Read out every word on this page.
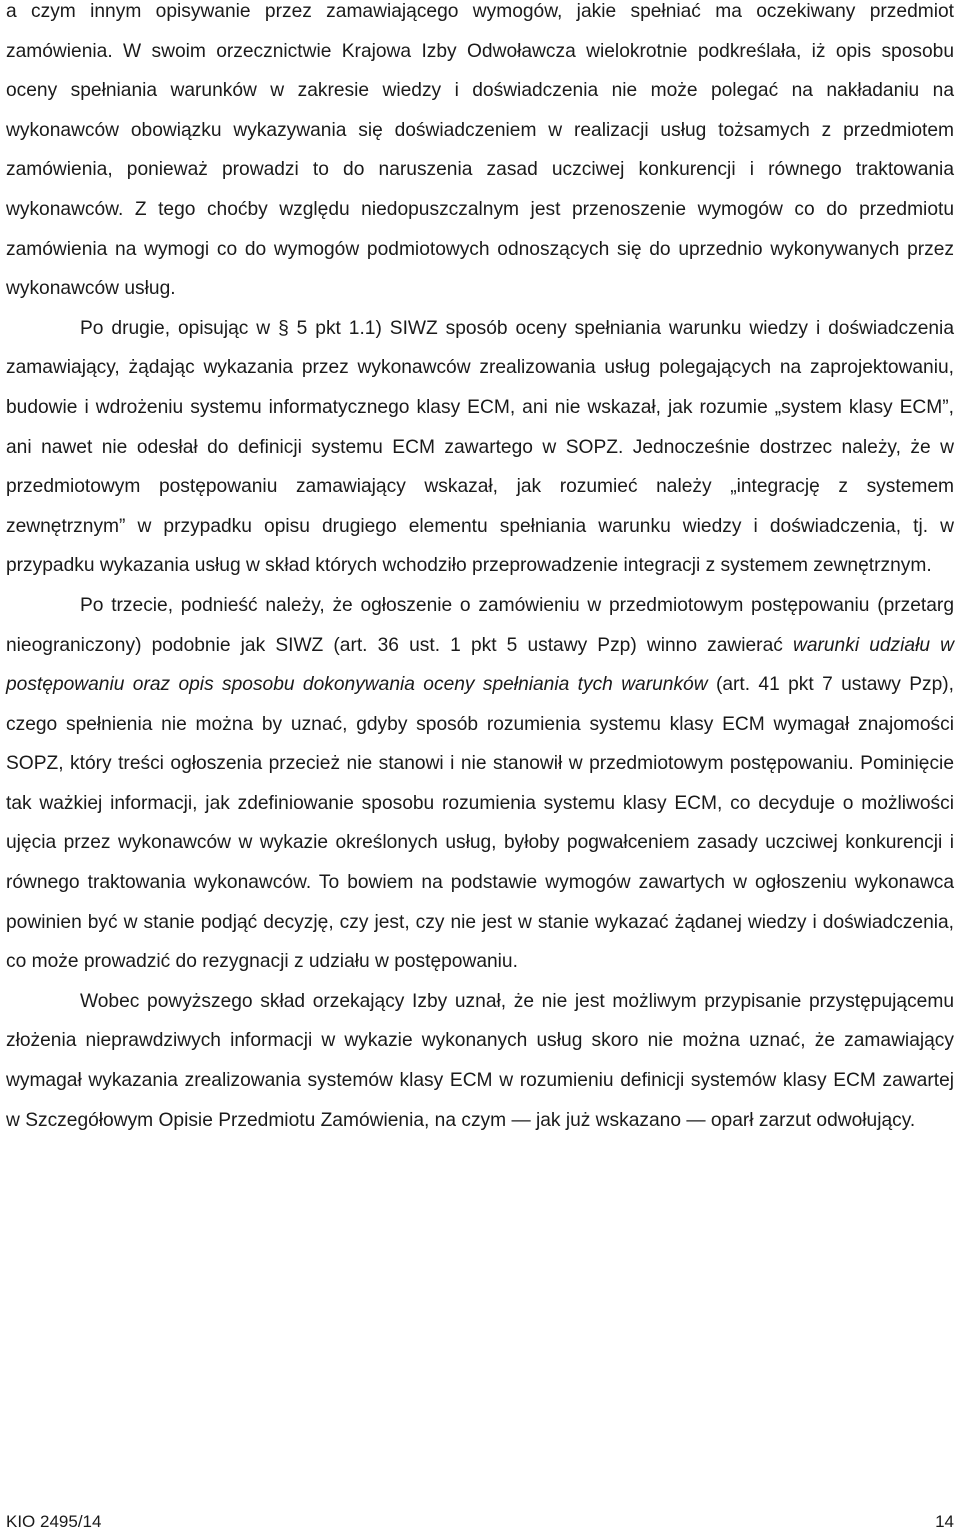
a czym innym opisywanie przez zamawiającego wymogów, jakie spełniać ma oczekiwany przedmiot zamówienia. W swoim orzecznictwie Krajowa Izby Odwoławcza wielokrotnie podkreślała, iż opis sposobu oceny spełniania warunków w zakresie wiedzy i doświadczenia nie może polegać na nakładaniu na wykonawców obowiązku wykazywania się doświadczeniem w realizacji usług tożsamych z przedmiotem zamówienia, ponieważ prowadzi to do naruszenia zasad uczciwej konkurencji i równego traktowania wykonawców. Z tego choćby względu niedopuszczalnym jest przenoszenie wymogów co do przedmiotu zamówienia na wymogi co do wymogów podmiotowych odnoszących się do uprzednio wykonywanych przez wykonawców usług.

Po drugie, opisując w § 5 pkt 1.1) SIWZ sposób oceny spełniania warunku wiedzy i doświadczenia zamawiający, żądając wykazania przez wykonawców zrealizowania usług polegających na zaprojektowaniu, budowie i wdrożeniu systemu informatycznego klasy ECM, ani nie wskazał, jak rozumie „system klasy ECM”, ani nawet nie odesłał do definicji systemu ECM zawartego w SOPZ. Jednocześnie dostrzec należy, że w przedmiotowym postępowaniu zamawiający wskazał, jak rozumieć należy „integrację z systemem zewnętrznym” w przypadku opisu drugiego elementu spełniania warunku wiedzy i doświadczenia, tj. w przypadku wykazania usług w skład których wchodziło przeprowadzenie integracji z systemem zewnętrznym.

Po trzecie, podnieść należy, że ogłoszenie o zamówieniu w przedmiotowym postępowaniu (przetarg nieograniczony) podobnie jak SIWZ (art. 36 ust. 1 pkt 5 ustawy Pzp) winno zawierać warunki udziału w postępowaniu oraz opis sposobu dokonywania oceny spełniania tych warunków (art. 41 pkt 7 ustawy Pzp), czego spełnienia nie można by uznać, gdyby sposób rozumienia systemu klasy ECM wymagał znajomości SOPZ, który treści ogłoszenia przecież nie stanowi i nie stanowił w przedmiotowym postępowaniu. Pominięcie tak ważkiej informacji, jak zdefiniowanie sposobu rozumienia systemu klasy ECM, co decyduje o możliwości ujęcia przez wykonawców w wykazie określonych usług, byłoby pogwałceniem zasady uczciwej konkurencji i równego traktowania wykonawców. To bowiem na podstawie wymogów zawartych w ogłoszeniu wykonawca powinien być w stanie podjąć decyzję, czy jest, czy nie jest w stanie wykazać żądanej wiedzy i doświadczenia, co może prowadzić do rezygnacji z udziału w postępowaniu.

Wobec powyższego skład orzekający Izby uznał, że nie jest możliwym przypisanie przystępującemu złożenia nieprawdziwych informacji w wykazie wykonanych usług skoro nie można uznać, że zamawiający wymagał wykazania zrealizowania systemów klasy ECM w rozumieniu definicji systemów klasy ECM zawartej w Szczegółowym Opisie Przedmiotu Zamówienia, na czym — jak już wskazano — oparł zarzut odwołujący.

KIO 2495/14	14
